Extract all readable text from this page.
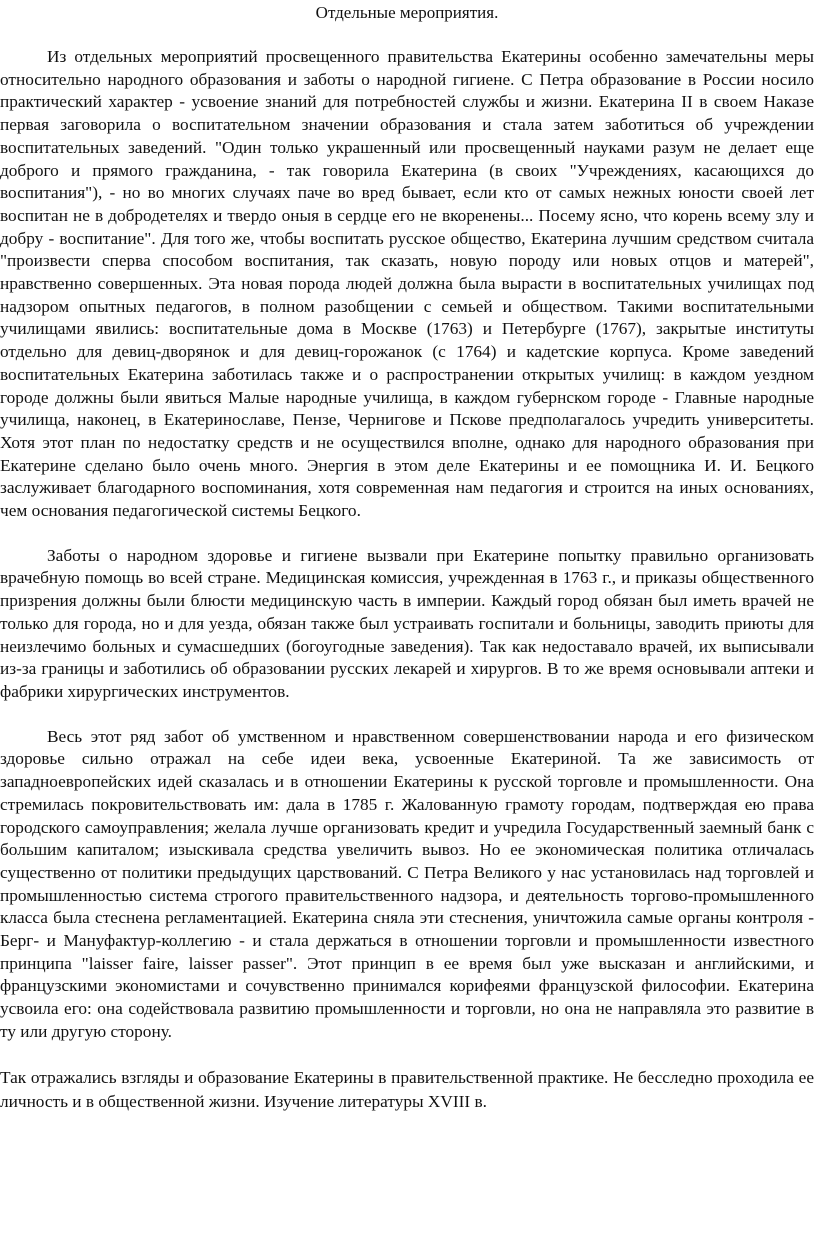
Отдельные мероприятия.

Из отдельных мероприятий просвещенного правительства Екатерины особенно замечательны меры относительно народного образования и заботы о народной гигиене. С Петра образование в России носило практический характер - усвоение знаний для потребностей службы и жизни. Екатерина II в своем Наказе первая заговорила о воспитательном значении образования и стала затем заботиться об учреждении воспитательных заведений. "Один только украшенный или просвещенный науками разум не делает еще доброго и прямого гражданина, - так говорила Екатерина (в своих "Учреждениях, касающихся до воспитания"), - но во многих случаях паче во вред бывает, если кто от самых нежных юности своей лет воспитан не в добродетелях и твердо оныя в сердце его не вкоренены... Посему ясно, что корень всему злу и добру - воспитание". Для того же, чтобы воспитать русское общество, Екатерина лучшим средством считала "произвести сперва способом воспитания, так сказать, новую породу или новых отцов и матерей", нравственно совершенных. Эта новая порода людей должна была вырасти в воспитательных училищах под надзором опытных педагогов, в полном разобщении с семьей и обществом. Такими воспитательными училищами явились: воспитательные дома в Москве (1763) и Петербурге (1767), закрытые институты отдельно для девиц-дворянок и для девиц-горожанок (с 1764) и кадетские корпуса. Кроме заведений воспитательных Екатерина заботилась также и о распространении открытых училищ: в каждом уездном городе должны были явиться Малые народные училища, в каждом губернском городе - Главные народные училища, наконец, в Екатеринославе, Пензе, Чернигове и Пскове предполагалось учредить университеты. Хотя этот план по недостатку средств и не осуществился вполне, однако для народного образования при Екатерине сделано было очень много. Энергия в этом деле Екатерины и ее помощника И. И. Бецкого заслуживает благодарного воспоминания, хотя современная нам педагогия и строится на иных основаниях, чем основания педагогической системы Бецкого.

Заботы о народном здоровье и гигиене вызвали при Екатерине попытку правильно организовать врачебную помощь во всей стране. Медицинская комиссия, учрежденная в 1763 г., и приказы общественного призрения должны были блюсти медицинскую часть в империи. Каждый город обязан был иметь врачей не только для города, но и для уезда, обязан также был устраивать госпитали и больницы, заводить приюты для неизлечимо больных и сумасшедших (богоугодные заведения). Так как недоставало врачей, их выписывали из-за границы и заботились об образовании русских лекарей и хирургов. В то же время основывали аптеки и фабрики хирургических инструментов.

Весь этот ряд забот об умственном и нравственном совершенствовании народа и его физическом здоровье сильно отражал на себе идеи века, усвоенные Екатериной. Та же зависимость от западноевропейских идей сказалась и в отношении Екатерины к русской торговле и промышленности. Она стремилась покровительствовать им: дала в 1785 г. Жалованную грамоту городам, подтверждая ею права городского самоуправления; желала лучше организовать кредит и учредила Государственный заемный банк с большим капиталом; изыскивала средства увеличить вывоз. Но ее экономическая политика отличалась существенно от политики предыдущих царствований. С Петра Великого у нас установилась над торговлей и промышленностью система строгого правительственного надзора, и деятельность торгово-промышленного класса была стеснена регламентацией. Екатерина сняла эти стеснения, уничтожила самые органы контроля - Берг- и Мануфактур-коллегию - и стала держаться в отношении торговли и промышленности известного принципа "laisser faire, laisser passer". Этот принцип в ее время был уже высказан и английскими, и французскими экономистами и сочувственно принимался корифеями французской философии. Екатерина усвоила его: она содействовала развитию промышленности и торговли, но она не направляла это развитие в ту или другую сторону.

Так отражались взгляды и образование Екатерины в правительственной практике. Не бесследно проходила ее личность и в общественной жизни. Изучение литературы XVIII в.
